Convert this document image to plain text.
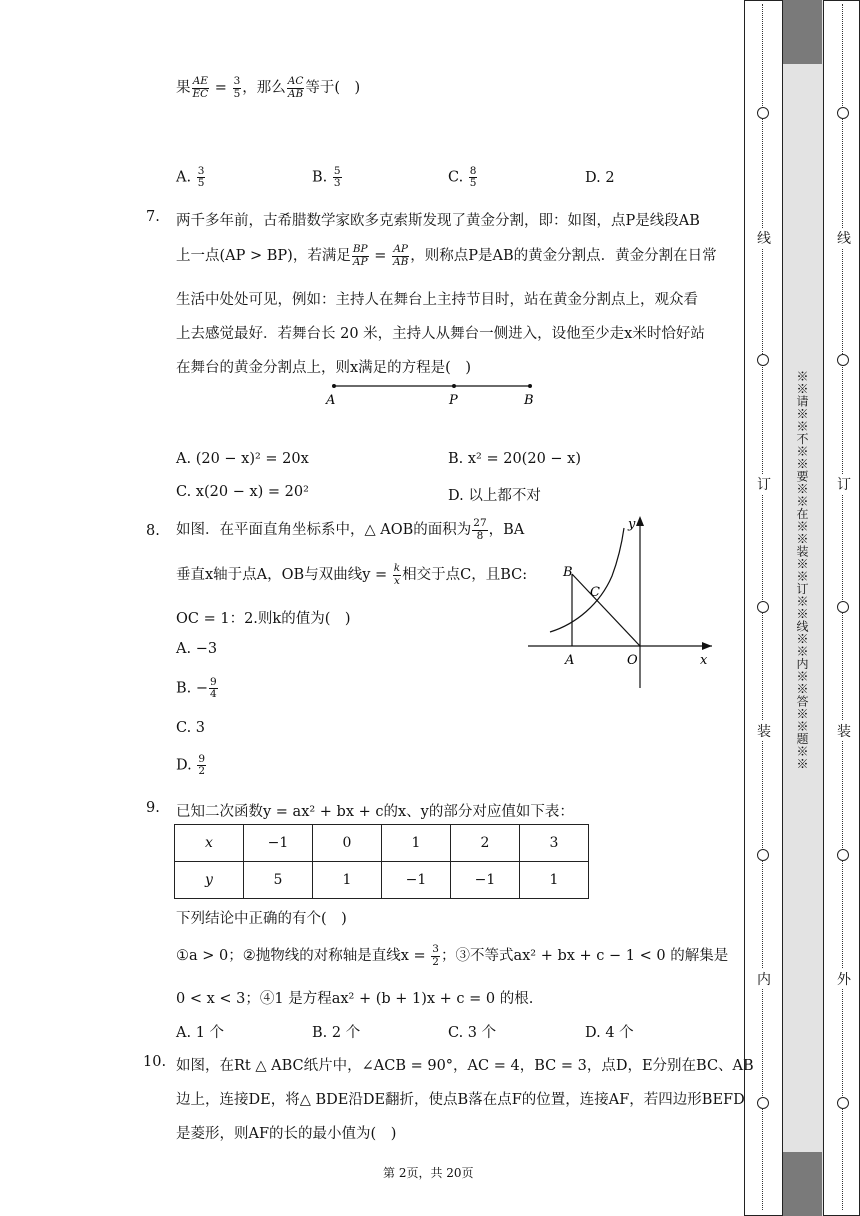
果 $\frac{AE}{EC} = \frac{3}{5}$ ，那么 $\frac{AC}{AB}$ 等于(　)
A. $\frac{3}{5}$	B. $\frac{5}{3}$	C. $\frac{8}{5}$	D. 2
7. 两千多年前，古希腊数学家欧多克索斯发现了黄金分割，即：如图，点P是线段AB
上一点(AP > BP)，若满足 $\frac{BP}{AP} = \frac{AP}{AB}$ ，则称点P是AB的黄金分割点．黄金分割在日常
生活中处处可见，例如：主持人在舞台上主持节目时，站在黄金分割点上，观众看
上去感觉最好．若舞台长 20 米，主持人从舞台一侧进入，设他至少走x米时恰好站
在舞台的黄金分割点上，则x满足的方程是(　)
A	P	B
A. (20 − x)² = 20x	B. x² = 20(20 − x)
C. x(20 − x) = 20²	D. 以上都不对
8. 如图．在平面直角坐标系中，△ AOB的面积为 $\frac{27}{8}$ ，BA
垂直x轴于点A，OB与双曲线$y = \frac{k}{x}$ 相交于点C，且BC:
OC = 1：2.则k的值为(　)
A. −3
B. − $\frac{9}{4}$
C. 3
D. $\frac{9}{2}$
y
x
B
C
A	O
9. 已知二次函数y = ax² + bx + c的x、y的部分对应值如下表：
x	−1	0	1	2	3
y	5	1	−1	−1	1
下列结论中正确的有个(　)
①a > 0；②抛物线的对称轴是直线$x = \frac{3}{2}$ ；③不等式ax² + bx + c − 1 < 0 的解集是
0 < x < 3；④1 是方程ax² + (b + 1)x + c = 0 的根.
A. 1 个	B. 2 个	C. 3 个	D. 4 个
10. 如图，在Rt △ ABC纸片中，∠ACB = 90°，AC = 4，BC = 3，点D，E分别在BC、AB
边上，连接DE，将△ BDE沿DE翻折，使点B落在点F的位置，连接AF，若四边形BEFD
是菱形，则AF的长的最小值为(　)
第 2页，共 20页
※※请※※不※※要※※在※※装※※订※※线※※内※※答※※题※※
线
订
装
内
线
订
装
外
